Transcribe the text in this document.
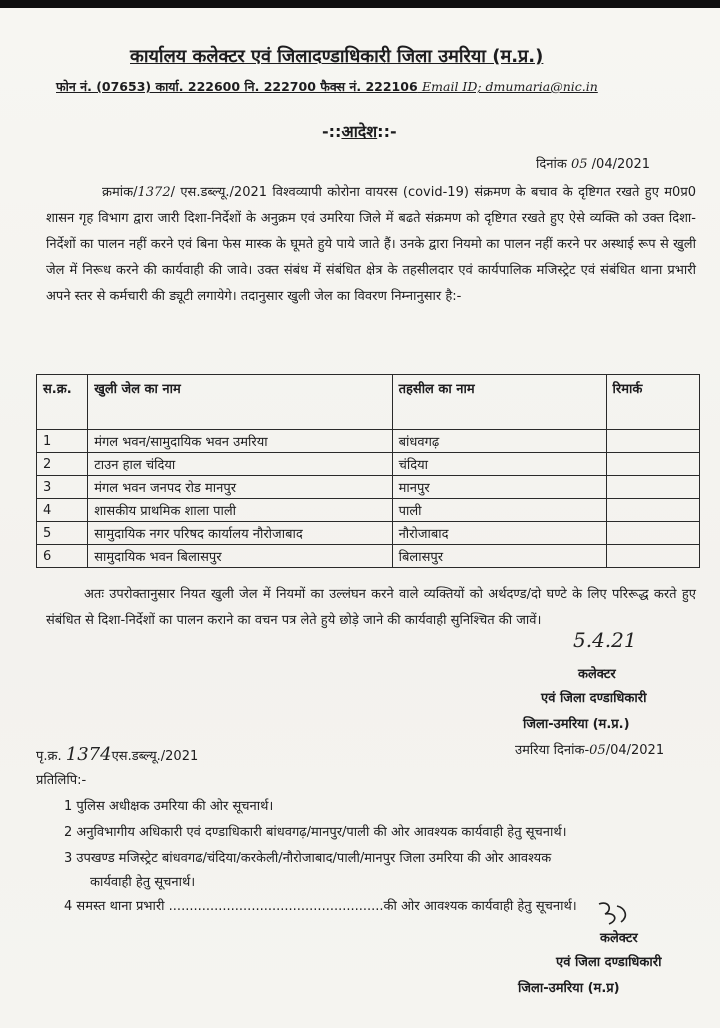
कार्यालय कलेक्टर एवं जिलादण्डाधिकारी जिला उमरिया (म.प्र.)
फोन नं. (07653) कार्या. 222600 नि. 222700 फैक्स नं. 222106 Email ID; dmumaria@nic.in
-::आदेश::-
दिनांक 05 /04/2021
क्रमांक/1372/ एस.डब्ल्यू./2021 विश्वव्यापी कोरोना वायरस (covid-19) संक्रमण के बचाव के दृष्टिगत रखते हुए म0प्र0 शासन गृह विभाग द्वारा जारी दिशा-निर्देशों के अनुक्रम एवं उमरिया जिले में बढते संक्रमण को दृष्टिगत रखते हुए ऐसे व्यक्ति को उक्त दिशा-निर्देशों का पालन नहीं करने एवं बिना फेस मास्क के घूमते हुये पाये जाते हैं। उनके द्वारा नियमो का पालन नहीं करने पर अस्थाई रूप से खुली जेल में निरूध करने की कार्यवाही की जावे। उक्त संबंध में संबंधित क्षेत्र के तहसीलदार एवं कार्यपालिक मजिस्ट्रेट एवं संबंधित थाना प्रभारी अपने स्तर से कर्मचारी की ड्यूटी लगायेगे। तदानुसार खुली जेल का विवरण निम्नानुसार है:-
स.क्र.	खुली जेल का नाम	तहसील का नाम	रिमार्क
1	मंगल भवन/सामुदायिक भवन उमरिया	बांधवगढ़	
2	टाउन हाल चंदिया	चंदिया	
3	मंगल भवन जनपद रोड मानपुर	मानपुर	
4	शासकीय प्राथमिक शाला पाली	पाली	
5	सामुदायिक नगर परिषद कार्यालय नौरोजाबाद	नौरोजाबाद	
6	सामुदायिक भवन बिलासपुर	बिलासपुर	
अतः उपरोक्तानुसार नियत खुली जेल में नियमों का उल्लंघन करने वाले व्यक्तियों को अर्थदण्ड/दो घण्टे के लिए परिरूद्ध करते हुए संबंधित से दिशा-निर्देशों का पालन कराने का वचन पत्र लेते हुये छोड़े जाने की कार्यवाही सुनिश्चित की जावें।
5.4.21
कलेक्टर
एवं जिला दण्डाधिकारी
जिला-उमरिया (म.प्र.)
उमरिया दिनांक-05/04/2021
पृ.क्र. 1374एस.डब्ल्यू./2021
प्रतिलिपि:-
1 पुलिस अधीक्षक उमरिया की ओर सूचनार्थ।
2 अनुविभागीय अधिकारी एवं दण्डाधिकारी बांधवगढ़/मानपुर/पाली की ओर आवश्यक कार्यवाही हेतु सूचनार्थ।
3 उपखण्ड मजिस्ट्रेट बांधवगढ/चंदिया/करकेली/नौरोजाबाद/पाली/मानपुर जिला उमरिया की ओर आवश्यक
कार्यवाही हेतु सूचनार्थ।
4 समस्त थाना प्रभारी ....................................................की ओर आवश्यक कार्यवाही हेतु सूचनार्थ।
कलेक्टर
एवं जिला दण्डाधिकारी
जिला-उमरिया (म.प्र)
